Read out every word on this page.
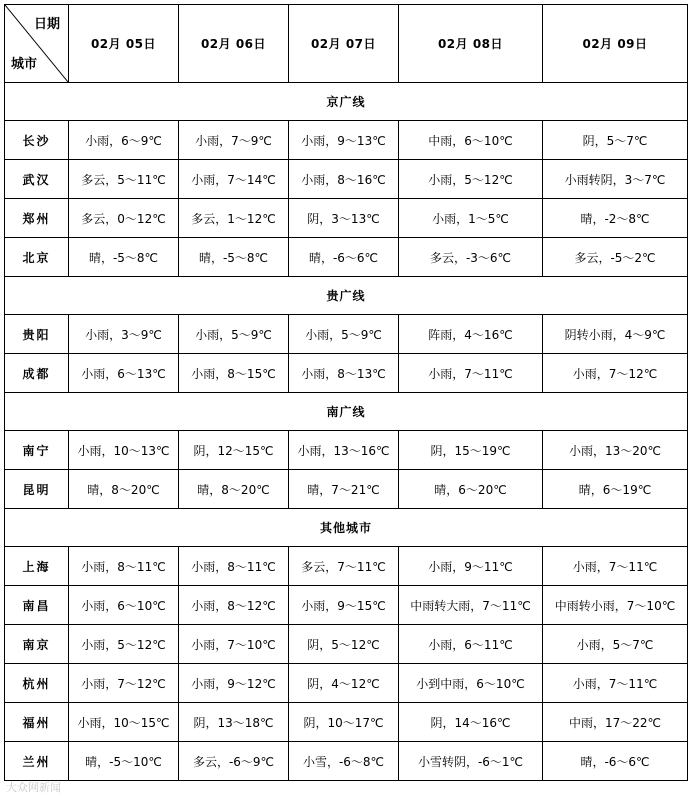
日期
城市	02月 05日	02月 06日	02月 07日	02月 08日	02月 09日
京广线					
长沙	小雨，6～9℃	小雨，7～9℃	小雨，9～13℃	中雨，6～10℃	阴，5～7℃
武汉	多云，5～11℃	小雨，7～14℃	小雨，8～16℃	小雨，5～12℃	小雨转阴，3～7℃
郑州	多云，0～12℃	多云，1～12℃	阴，3～13℃	小雨，1～5℃	晴，-2～8℃
北京	晴，-5～8℃	晴，-5～8℃	晴，-6～6℃	多云，-3～6℃	多云，-5～2℃
贵广线					
贵阳	小雨，3～9℃	小雨，5～9℃	小雨，5～9℃	阵雨，4～16℃	阴转小雨，4～9℃
成都	小雨，6～13℃	小雨，8～15℃	小雨，8～13℃	小雨，7～11℃	小雨，7～12℃
南广线					
南宁	小雨，10～13℃	阴，12～15℃	小雨，13～16℃	阴，15～19℃	小雨，13～20℃
昆明	晴，8～20℃	晴，8～20℃	晴，7～21℃	晴，6～20℃	晴，6～19℃
其他城市					
上海	小雨，8～11℃	小雨，8～11℃	多云，7～11℃	小雨，9～11℃	小雨，7～11℃
南昌	小雨，6～10℃	小雨，8～12℃	小雨，9～15℃	中雨转大雨，7～11℃	中雨转小雨，7～10℃
南京	小雨，5～12℃	小雨，7～10℃	阴，5～12℃	小雨，6～11℃	小雨，5～7℃
杭州	小雨，7～12℃	小雨，9～12℃	阴，4～12℃	小到中雨，6～10℃	小雨，7～11℃
福州	小雨，10～15℃	阴，13～18℃	阴，10～17℃	阴，14～16℃	中雨，17～22℃
兰州	晴，-5～10℃	多云，-6～9℃	小雪，-6～8℃	小雪转阴，-6～1℃	晴，-6～6℃
大众网新闻
